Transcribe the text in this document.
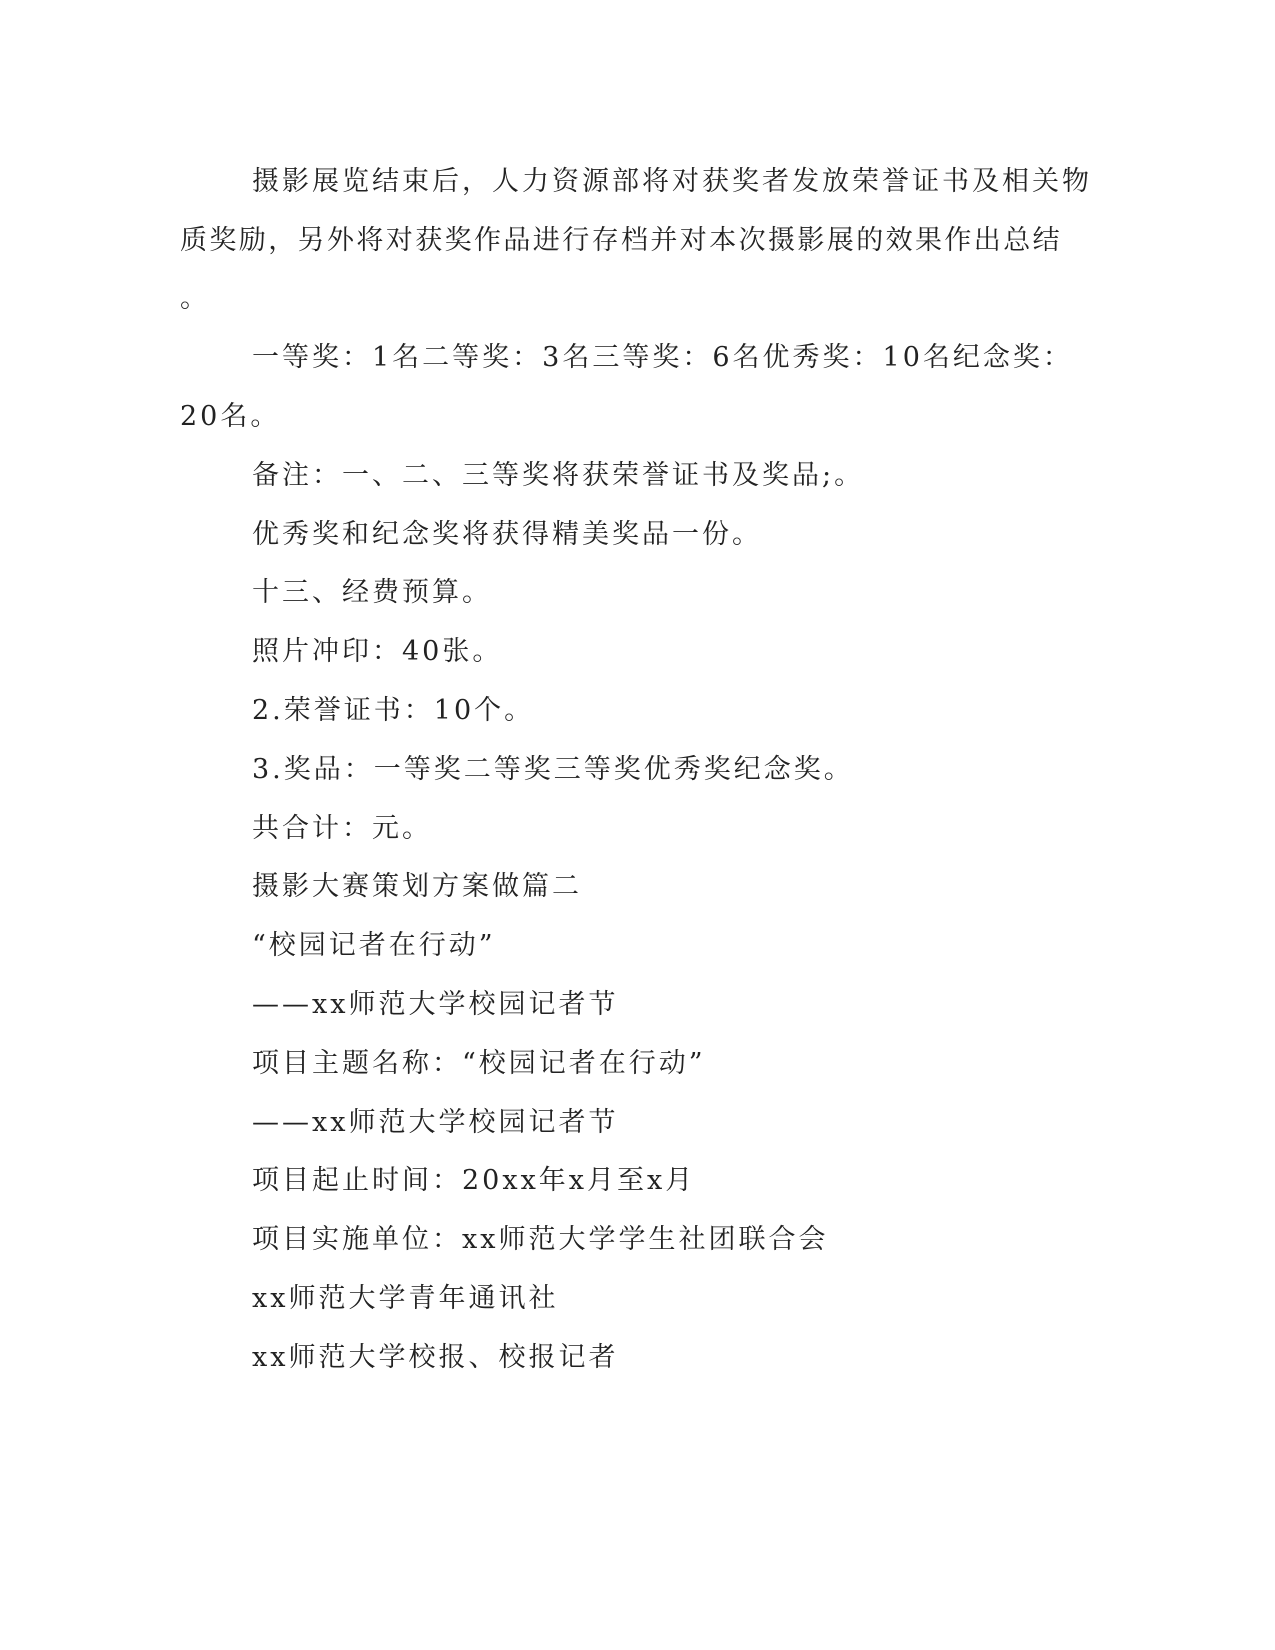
摄影展览结束后，人力资源部将对获奖者发放荣誉证书及相关物
质奖励，另外将对获奖作品进行存档并对本次摄影展的效果作出总结
。
一等奖：1名二等奖：3名三等奖：6名优秀奖：10名纪念奖：
20名。
备注：一、二、三等奖将获荣誉证书及奖品;。
优秀奖和纪念奖将获得精美奖品一份。
十三、经费预算。
照片冲印：40张。
2.荣誉证书：10个。
3.奖品：一等奖二等奖三等奖优秀奖纪念奖。
共合计：元。
摄影大赛策划方案做篇二
“校园记者在行动”
——xx师范大学校园记者节
项目主题名称：“校园记者在行动”
——xx师范大学校园记者节
项目起止时间：20xx年x月至x月
项目实施单位：xx师范大学学生社团联合会
xx师范大学青年通讯社
xx师范大学校报、校报记者
